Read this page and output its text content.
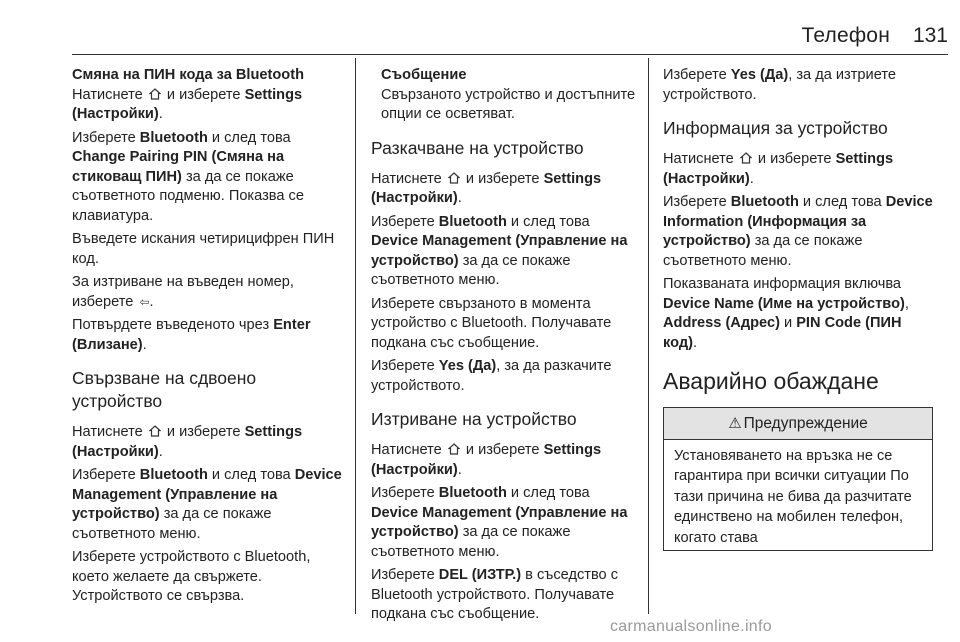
Телефон 131

Смяна на ПИН кода за Bluetooth

Натиснете  и изберете Settings (Настройки).

Изберете Bluetooth и след това Change Pairing PIN (Смяна на стиковащ ПИН) за да се покаже съответното подменю. Показва се клавиатура.

Въведете искания четирицифрен ПИН код.

За изтриване на въведен номер, изберете ⇦.

Потвърдете въведеното чрез Enter (Влизане).

Свързване на сдвоено устройство

Натиснете  и изберете Settings (Настройки).

Изберете Bluetooth и след това Device Management (Управление на устройство) за да се покаже съответното меню.

Изберете устройството с Bluetooth, което желаете да свържете. Устройството се свързва.

Съобщение

Свързаното устройство и достъпните опции се осветяват.

Разкачване на устройство

Натиснете  и изберете Settings (Настройки).

Изберете Bluetooth и след това Device Management (Управление на устройство) за да се покаже съответното меню.

Изберете свързаното в момента устройство с Bluetooth. Получавате подкана със съобщение.

Изберете Yes (Да), за да разкачите устройството.

Изтриване на устройство

Натиснете  и изберете Settings (Настройки).

Изберете Bluetooth и след това Device Management (Управление на устройство) за да се покаже съответното меню.

Изберете DEL (ИЗТР.) в съседство с Bluetooth устройството. Получавате подкана със съобщение.

Изберете Yes (Да), за да изтриете устройството.

Информация за устройство

Натиснете  и изберете Settings (Настройки).

Изберете Bluetooth и след това Device Information (Информация за устройство) за да се покаже съответното меню.

Показваната информация включва Device Name (Име на устройство), Address (Адрес) и PIN Code (ПИН код).

Аварийно обаждане
⚠ Предупреждение
Установяването на връзка не се гарантира при всички ситуации По тази причина не бива да разчитате единствено на мобилен телефон, когато става
carmanualsonline.info
